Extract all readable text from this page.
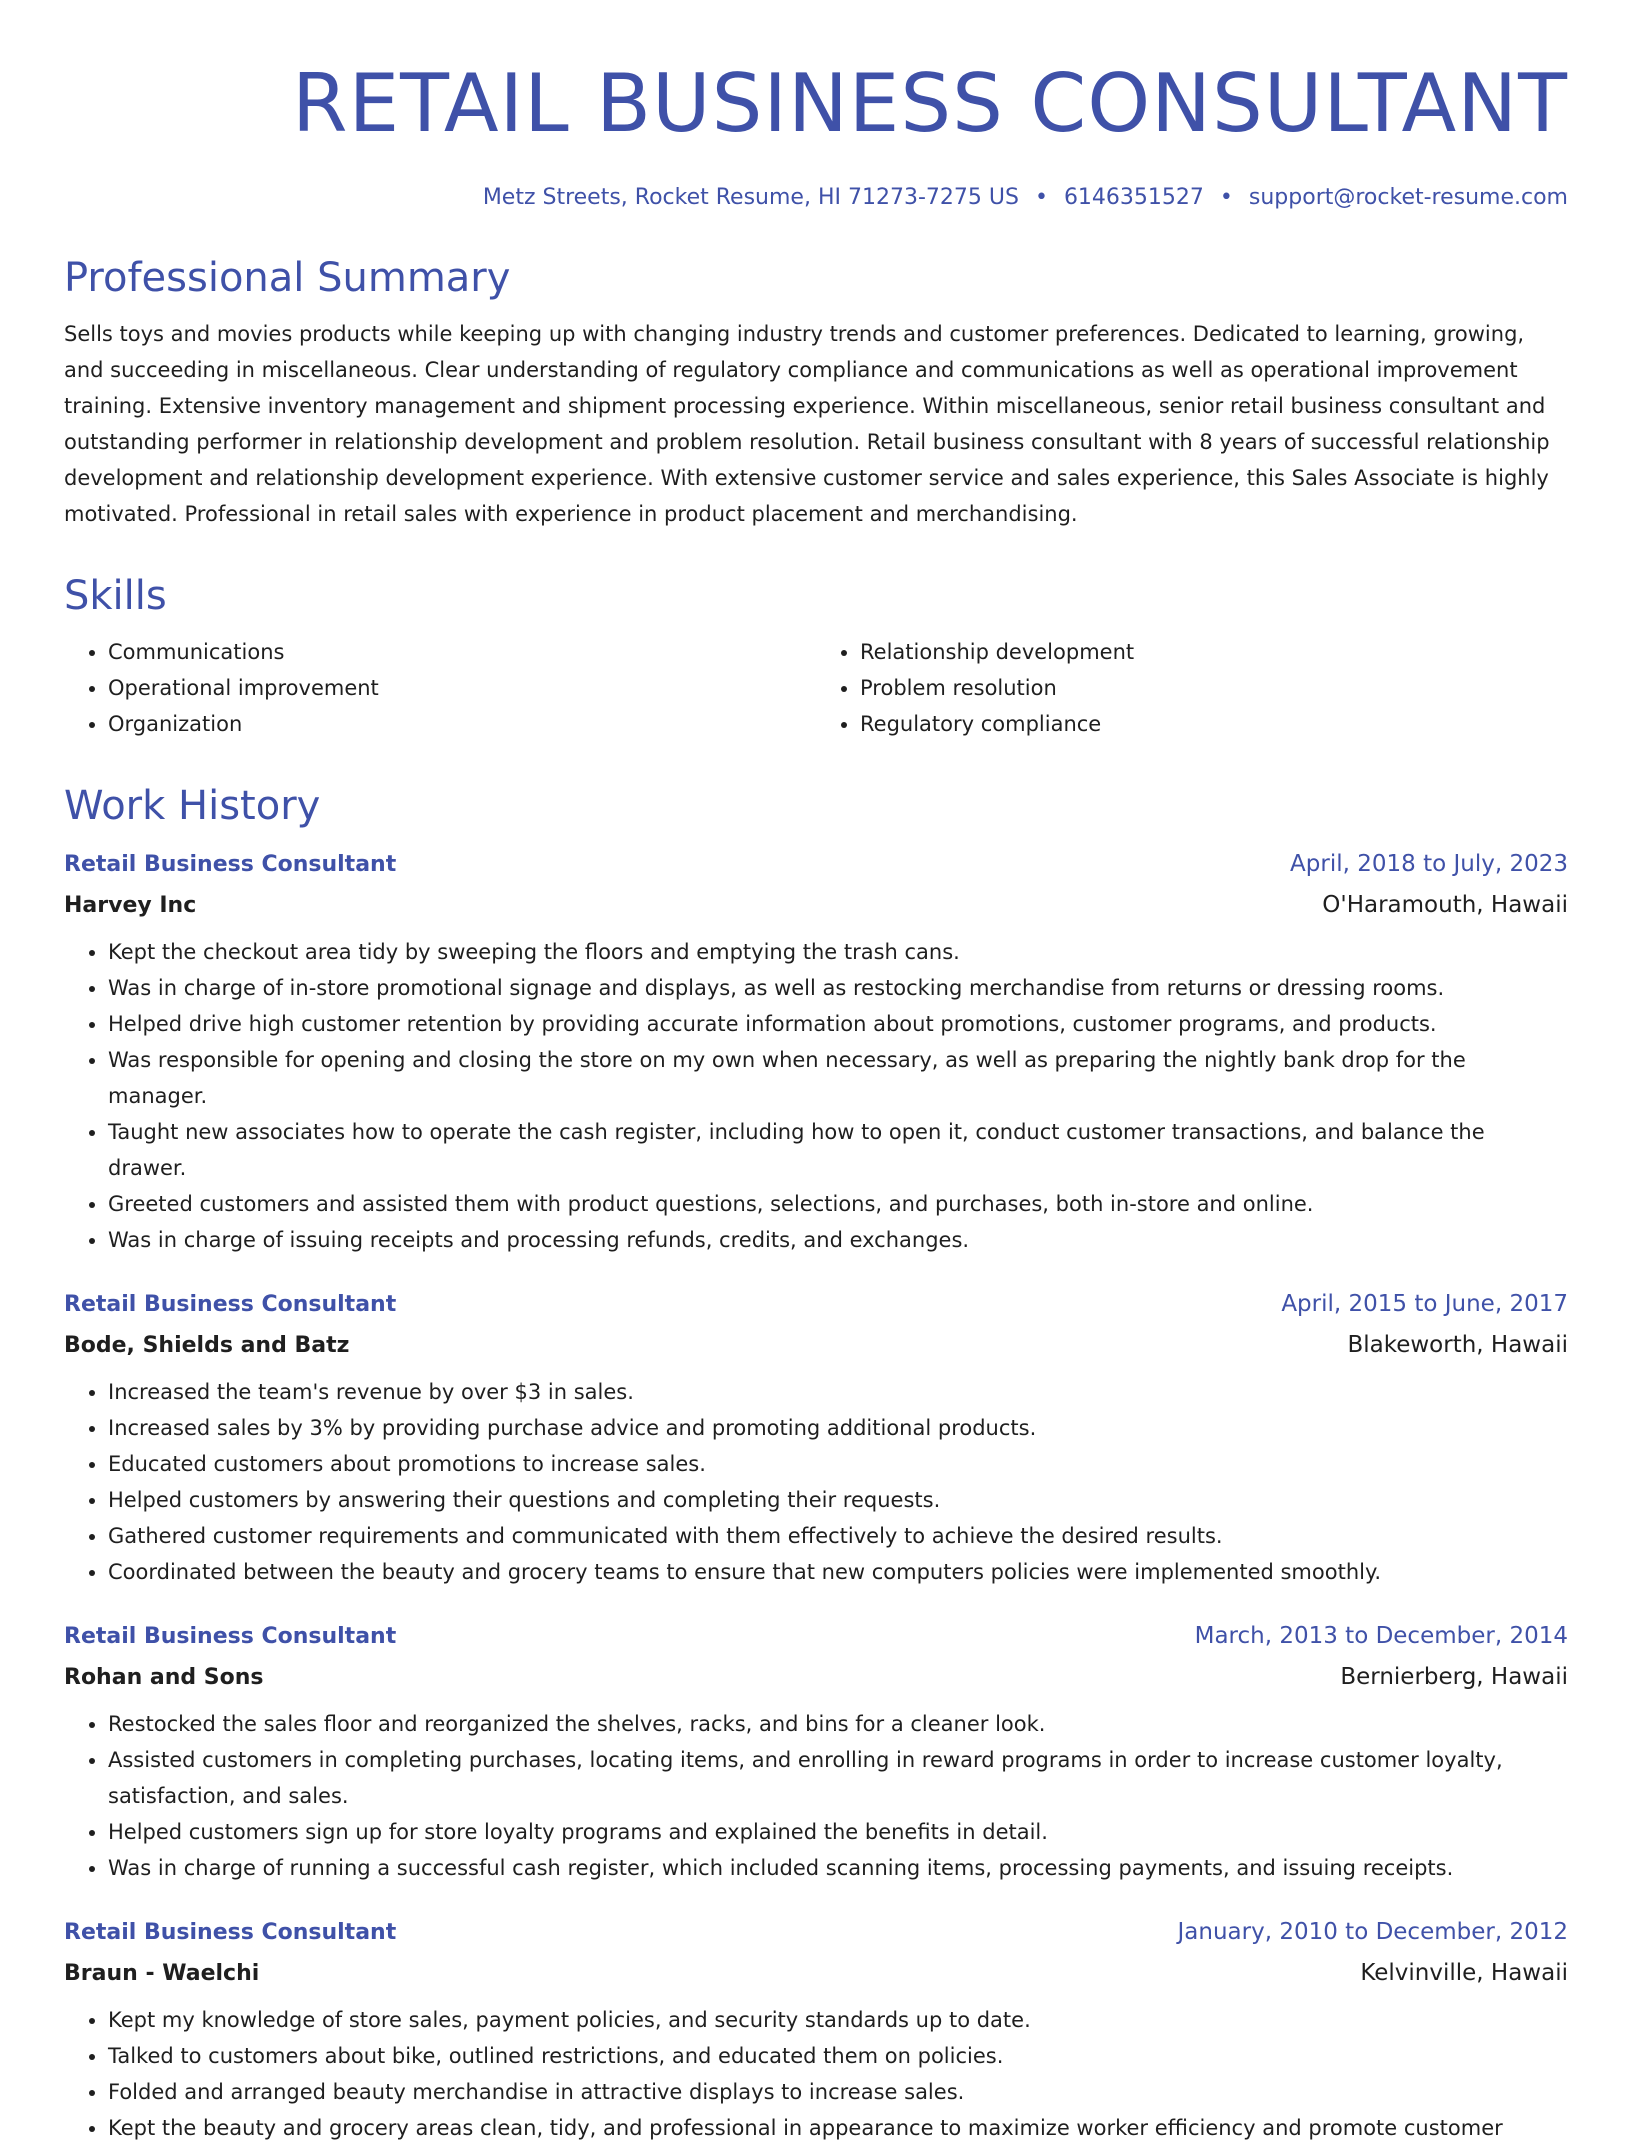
RETAIL BUSINESS CONSULTANT
Metz Streets, Rocket Resume, HI 71273-7275 US • 6146351527 • support@rocket-resume.com
Professional Summary

Sells toys and movies products while keeping up with changing industry trends and customer preferences. Dedicated to learning, growing, and succeeding in miscellaneous. Clear understanding of regulatory compliance and communications as well as operational improvement training. Extensive inventory management and shipment processing experience. Within miscellaneous, senior retail business consultant and outstanding performer in relationship development and problem resolution. Retail business consultant with 8 years of successful relationship development and relationship development experience. With extensive customer service and sales experience, this Sales Associate is highly motivated. Professional in retail sales with experience in product placement and merchandising.

Skills
• Communications
• Operational improvement
• Organization
• Relationship development
• Problem resolution
• Regulatory compliance
Work History
Retail Business Consultant	April, 2018 to July, 2023
Harvey Inc	O'Haramouth, Hawaii
• Kept the checkout area tidy by sweeping the floors and emptying the trash cans.
• Was in charge of in-store promotional signage and displays, as well as restocking merchandise from returns or dressing rooms.
• Helped drive high customer retention by providing accurate information about promotions, customer programs, and products.
• Was responsible for opening and closing the store on my own when necessary, as well as preparing the nightly bank drop for the manager.
• Taught new associates how to operate the cash register, including how to open it, conduct customer transactions, and balance the drawer.
• Greeted customers and assisted them with product questions, selections, and purchases, both in-store and online.
• Was in charge of issuing receipts and processing refunds, credits, and exchanges.
Retail Business Consultant	April, 2015 to June, 2017
Bode, Shields and Batz	Blakeworth, Hawaii
• Increased the team's revenue by over $3 in sales.
• Increased sales by 3% by providing purchase advice and promoting additional products.
• Educated customers about promotions to increase sales.
• Helped customers by answering their questions and completing their requests.
• Gathered customer requirements and communicated with them effectively to achieve the desired results.
• Coordinated between the beauty and grocery teams to ensure that new computers policies were implemented smoothly.
Retail Business Consultant	March, 2013 to December, 2014
Rohan and Sons	Bernierberg, Hawaii
• Restocked the sales floor and reorganized the shelves, racks, and bins for a cleaner look.
• Assisted customers in completing purchases, locating items, and enrolling in reward programs in order to increase customer loyalty, satisfaction, and sales.
• Helped customers sign up for store loyalty programs and explained the benefits in detail.
• Was in charge of running a successful cash register, which included scanning items, processing payments, and issuing receipts.
Retail Business Consultant	January, 2010 to December, 2012
Braun - Waelchi	Kelvinville, Hawaii
• Kept my knowledge of store sales, payment policies, and security standards up to date.
• Talked to customers about bike, outlined restrictions, and educated them on policies.
• Folded and arranged beauty merchandise in attractive displays to increase sales.
• Kept the beauty and grocery areas clean, tidy, and professional in appearance to maximize worker efficiency and promote customer
